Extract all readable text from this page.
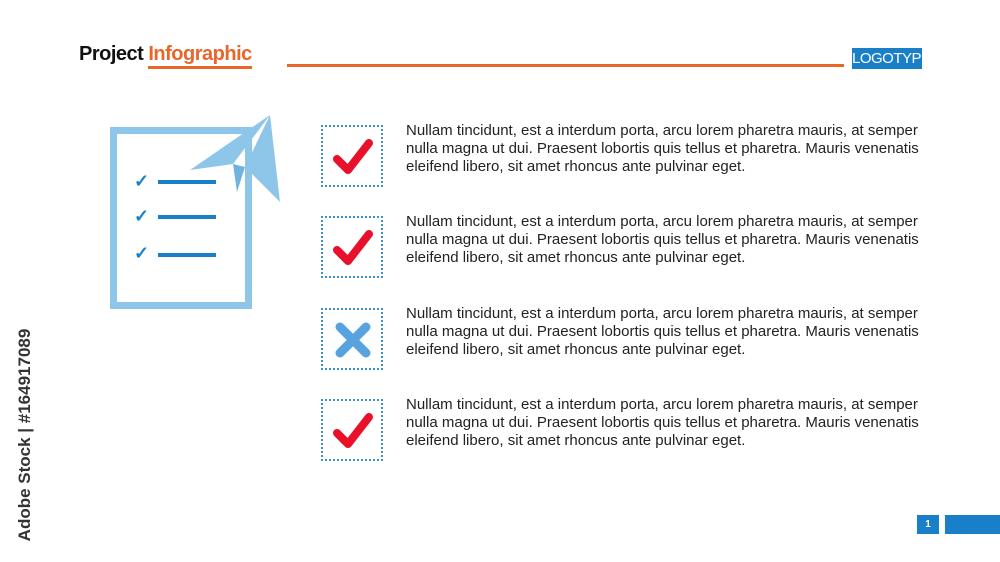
Project Infographic	LOGOTYPE
✓
✓
✓
Nullam tincidunt, est a interdum porta, arcu lorem pharetra mauris, at semper nulla magna ut dui. Praesent lobortis quis tellus et pharetra. Mauris venenatis eleifend libero, sit amet rhoncus ante pulvinar eget.
Nullam tincidunt, est a interdum porta, arcu lorem pharetra mauris, at semper nulla magna ut dui. Praesent lobortis quis tellus et pharetra. Mauris venenatis eleifend libero, sit amet rhoncus ante pulvinar eget.
Nullam tincidunt, est a interdum porta, arcu lorem pharetra mauris, at semper nulla magna ut dui. Praesent lobortis quis tellus et pharetra. Mauris venenatis eleifend libero, sit amet rhoncus ante pulvinar eget.
Nullam tincidunt, est a interdum porta, arcu lorem pharetra mauris, at semper nulla magna ut dui. Praesent lobortis quis tellus et pharetra. Mauris venenatis eleifend libero, sit amet rhoncus ante pulvinar eget.
1
Adobe Stock | #164917089
